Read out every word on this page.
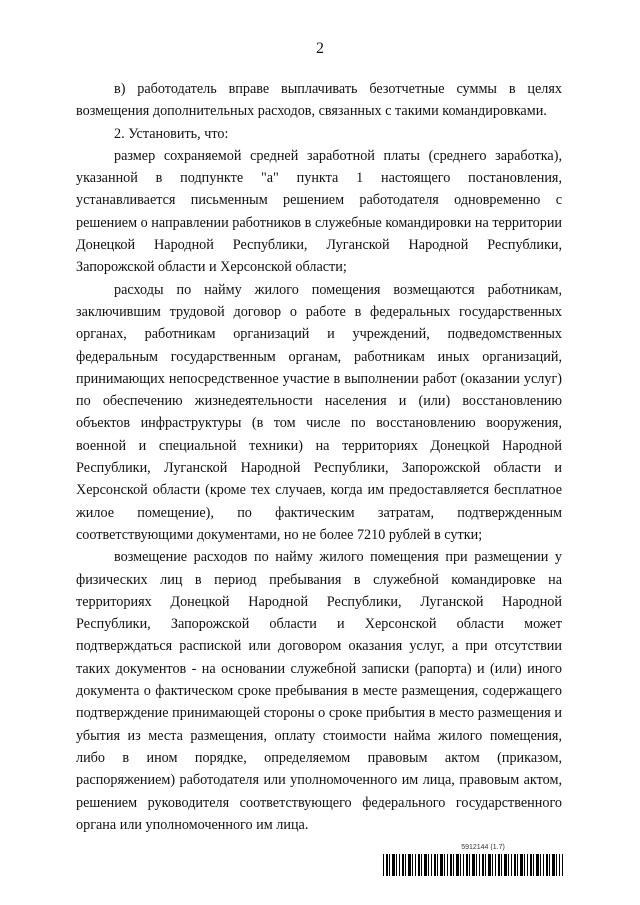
2

в) работодатель вправе выплачивать безотчетные суммы в целях возмещения дополнительных расходов, связанных с такими командировками.

2. Установить, что:

размер сохраняемой средней заработной платы (среднего заработка), указанной в подпункте "а" пункта 1 настоящего постановления, устанавливается письменным решением работодателя одновременно с решением о направлении работников в служебные командировки на территории Донецкой Народной Республики, Луганской Народной Республики, Запорожской области и Херсонской области;

расходы по найму жилого помещения возмещаются работникам, заключившим трудовой договор о работе в федеральных государственных органах, работникам организаций и учреждений, подведомственных федеральным государственным органам, работникам иных организаций, принимающих непосредственное участие в выполнении работ (оказании услуг) по обеспечению жизнедеятельности населения и (или) восстановлению объектов инфраструктуры (в том числе по восстановлению вооружения, военной и специальной техники) на территориях Донецкой Народной Республики, Луганской Народной Республики, Запорожской области и Херсонской области (кроме тех случаев, когда им предоставляется бесплатное жилое помещение), по фактическим затратам, подтвержденным соответствующими документами, но не более 7210 рублей в сутки;

возмещение расходов по найму жилого помещения при размещении у физических лиц в период пребывания в служебной командировке на территориях Донецкой Народной Республики, Луганской Народной Республики, Запорожской области и Херсонской области может подтверждаться распиской или договором оказания услуг, а при отсутствии таких документов - на основании служебной записки (рапорта) и (или) иного документа о фактическом сроке пребывания в месте размещения, содержащего подтверждение принимающей стороны о сроке прибытия в место размещения и убытия из места размещения, оплату стоимости найма жилого помещения, либо в ином порядке, определяемом правовым актом (приказом, распоряжением) работодателя или уполномоченного им лица, правовым актом, решением руководителя соответствующего федерального государственного органа или уполномоченного им лица.

5912144 (1.7)
